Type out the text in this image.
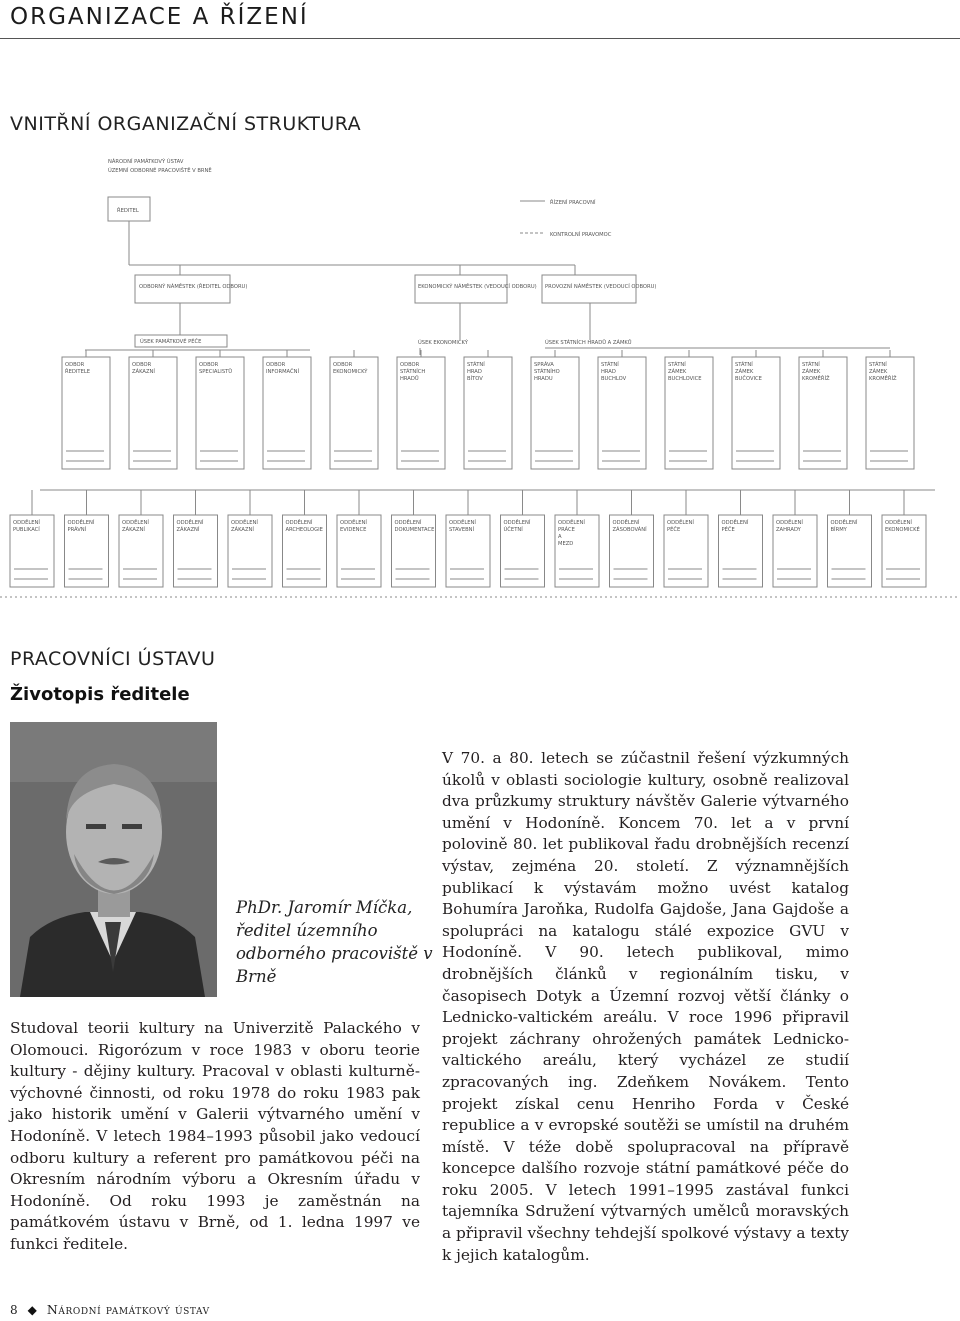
ORGANIZACE A ŘÍZENÍ
VNITŘNÍ ORGANIZAČNÍ STRUKTURA
NÁRODNÍ PAMÁTKOVÝ ÚSTAV
ÚZEMNÍ ODBORNÉ PRACOVIŠTĚ V BRNĚ
ŘEDITEL
ŘÍZENÍ PRACOVNÍ
KONTROLNÍ PRAVOMOC
ODBORNÝ NÁMĚSTEK (ŘEDITEL ODBORU)	EKONOMICKÝ NÁMĚSTEK (VEDOUCÍ ODBORU) PROVOZNÍ NÁMĚSTEK (VEDOUCÍ ODBORU)
ÚSEK PAMÁTKOVÉ PÉČE	ÚSEK EKONOMICKÝ	ÚSEK STÁTNÍCH HRADŮ A ZÁMKŮ
ODBOR
ŘEDITELE
ODBOR
ZÁKAZNÍ
ODBOR
SPECIALISTŮ
ODBOR
INFORMAČNÍ
ODBOR
EKONOMICKÝ
ODBOR
STÁTNÍCH
HRADŮ
STÁTNÍ
HRAD
BÍTOV
SPRÁVA
STÁTNÍHO
HRADU
STÁTNÍ
HRAD
BUCHLOV
STÁTNÍ
ZÁMEK
BUCHLOVICE
STÁTNÍ
ZÁMEK
BUČOVICE
STÁTNÍ
ZÁMEK
KROMĚŘÍŽ
STÁTNÍ
ZÁMEK
KROMĚŘÍŽ
ODDĚLENÍ
PUBLIKACÍ
ODDĚLENÍ
PRÁVNÍ
ODDĚLENÍ
ZÁKAZNÍ
ODDĚLENÍ
ZÁKAZNÍ
ODDĚLENÍ
ZÁKAZNÍ
ODDĚLENÍ
ARCHEOLOGIE
ODDĚLENÍ
EVIDENCE
ODDĚLENÍ
DOKUMENTACE
ODDĚLENÍ
STAVEBNÍ
ODDĚLENÍ
ÚČETNÍ
ODDĚLENÍ
PRÁCE
A
MEZD
ODDĚLENÍ
ZÁSOBOVÁNÍ
ODDĚLENÍ
PÉČE
ODDĚLENÍ
PÉČE
ODDĚLENÍ
ZAHRADY
ODDĚLENÍ
BÍRMY
ODDĚLENÍ
EKONOMICKÉ
PRACOVNÍCI ÚSTAVU
Životopis ředitele
PhDr. Jaromír Míčka, ředitel územního odborného pracoviště v Brně
Studoval teorii kultury na Univerzitě Palackého v Olomouci. Rigorózum v roce 1983 v oboru teorie kultury - dějiny kultury. Pracoval v oblasti kulturně-výchovné činnosti, od roku 1978 do roku 1983 pak jako historik umění v Galerii výtvarného umění v Hodoníně. V letech 1984–1993 působil jako vedoucí odboru kultury a referent pro památkovou péči na Okresním národním výboru a Okresním úřadu v Hodoníně. Od roku 1993 je zaměstnán na památkovém ústavu v Brně, od 1. ledna 1997 ve funkci ředitele.
V 70. a 80. letech se zúčastnil řešení výzkumných úkolů v oblasti sociologie kultury, osobně realizoval dva průzkumy struktury návštěv Galerie výtvarného umění v Hodoníně. Koncem 70. let a v první polovině 80. let publikoval řadu drobnějších recenzí výstav, zejména 20. století. Z významnějších publikací k výstavám možno uvést katalog Bohumíra Jaroňka, Rudolfa Gajdoše, Jana Gajdoše a spolupráci na katalogu stálé expozice GVU v Hodoníně. V 90. letech publikoval, mimo drobnějších článků v regionálním tisku, v časopisech Dotyk a Územní rozvoj větší články o Lednicko-valtickém areálu. V roce 1996 připravil projekt záchrany ohrožených památek Lednicko-valtického areálu, který vycházel ze studií zpracovaných ing. Zdeňkem Novákem. Tento projekt získal cenu Henriho Forda v České republice a v evropské soutěži se umístil na druhém místě. V téže době spolupracoval na přípravě koncepce dalšího rozvoje státní památkové péče do roku 2005. V letech 1991–1995 zastával funkci tajemníka Sdružení výtvarných umělců moravských a připravil všechny tehdejší spolkové výstavy a texty k jejich katalogům.
8 ◆ Národní památkový ústav
